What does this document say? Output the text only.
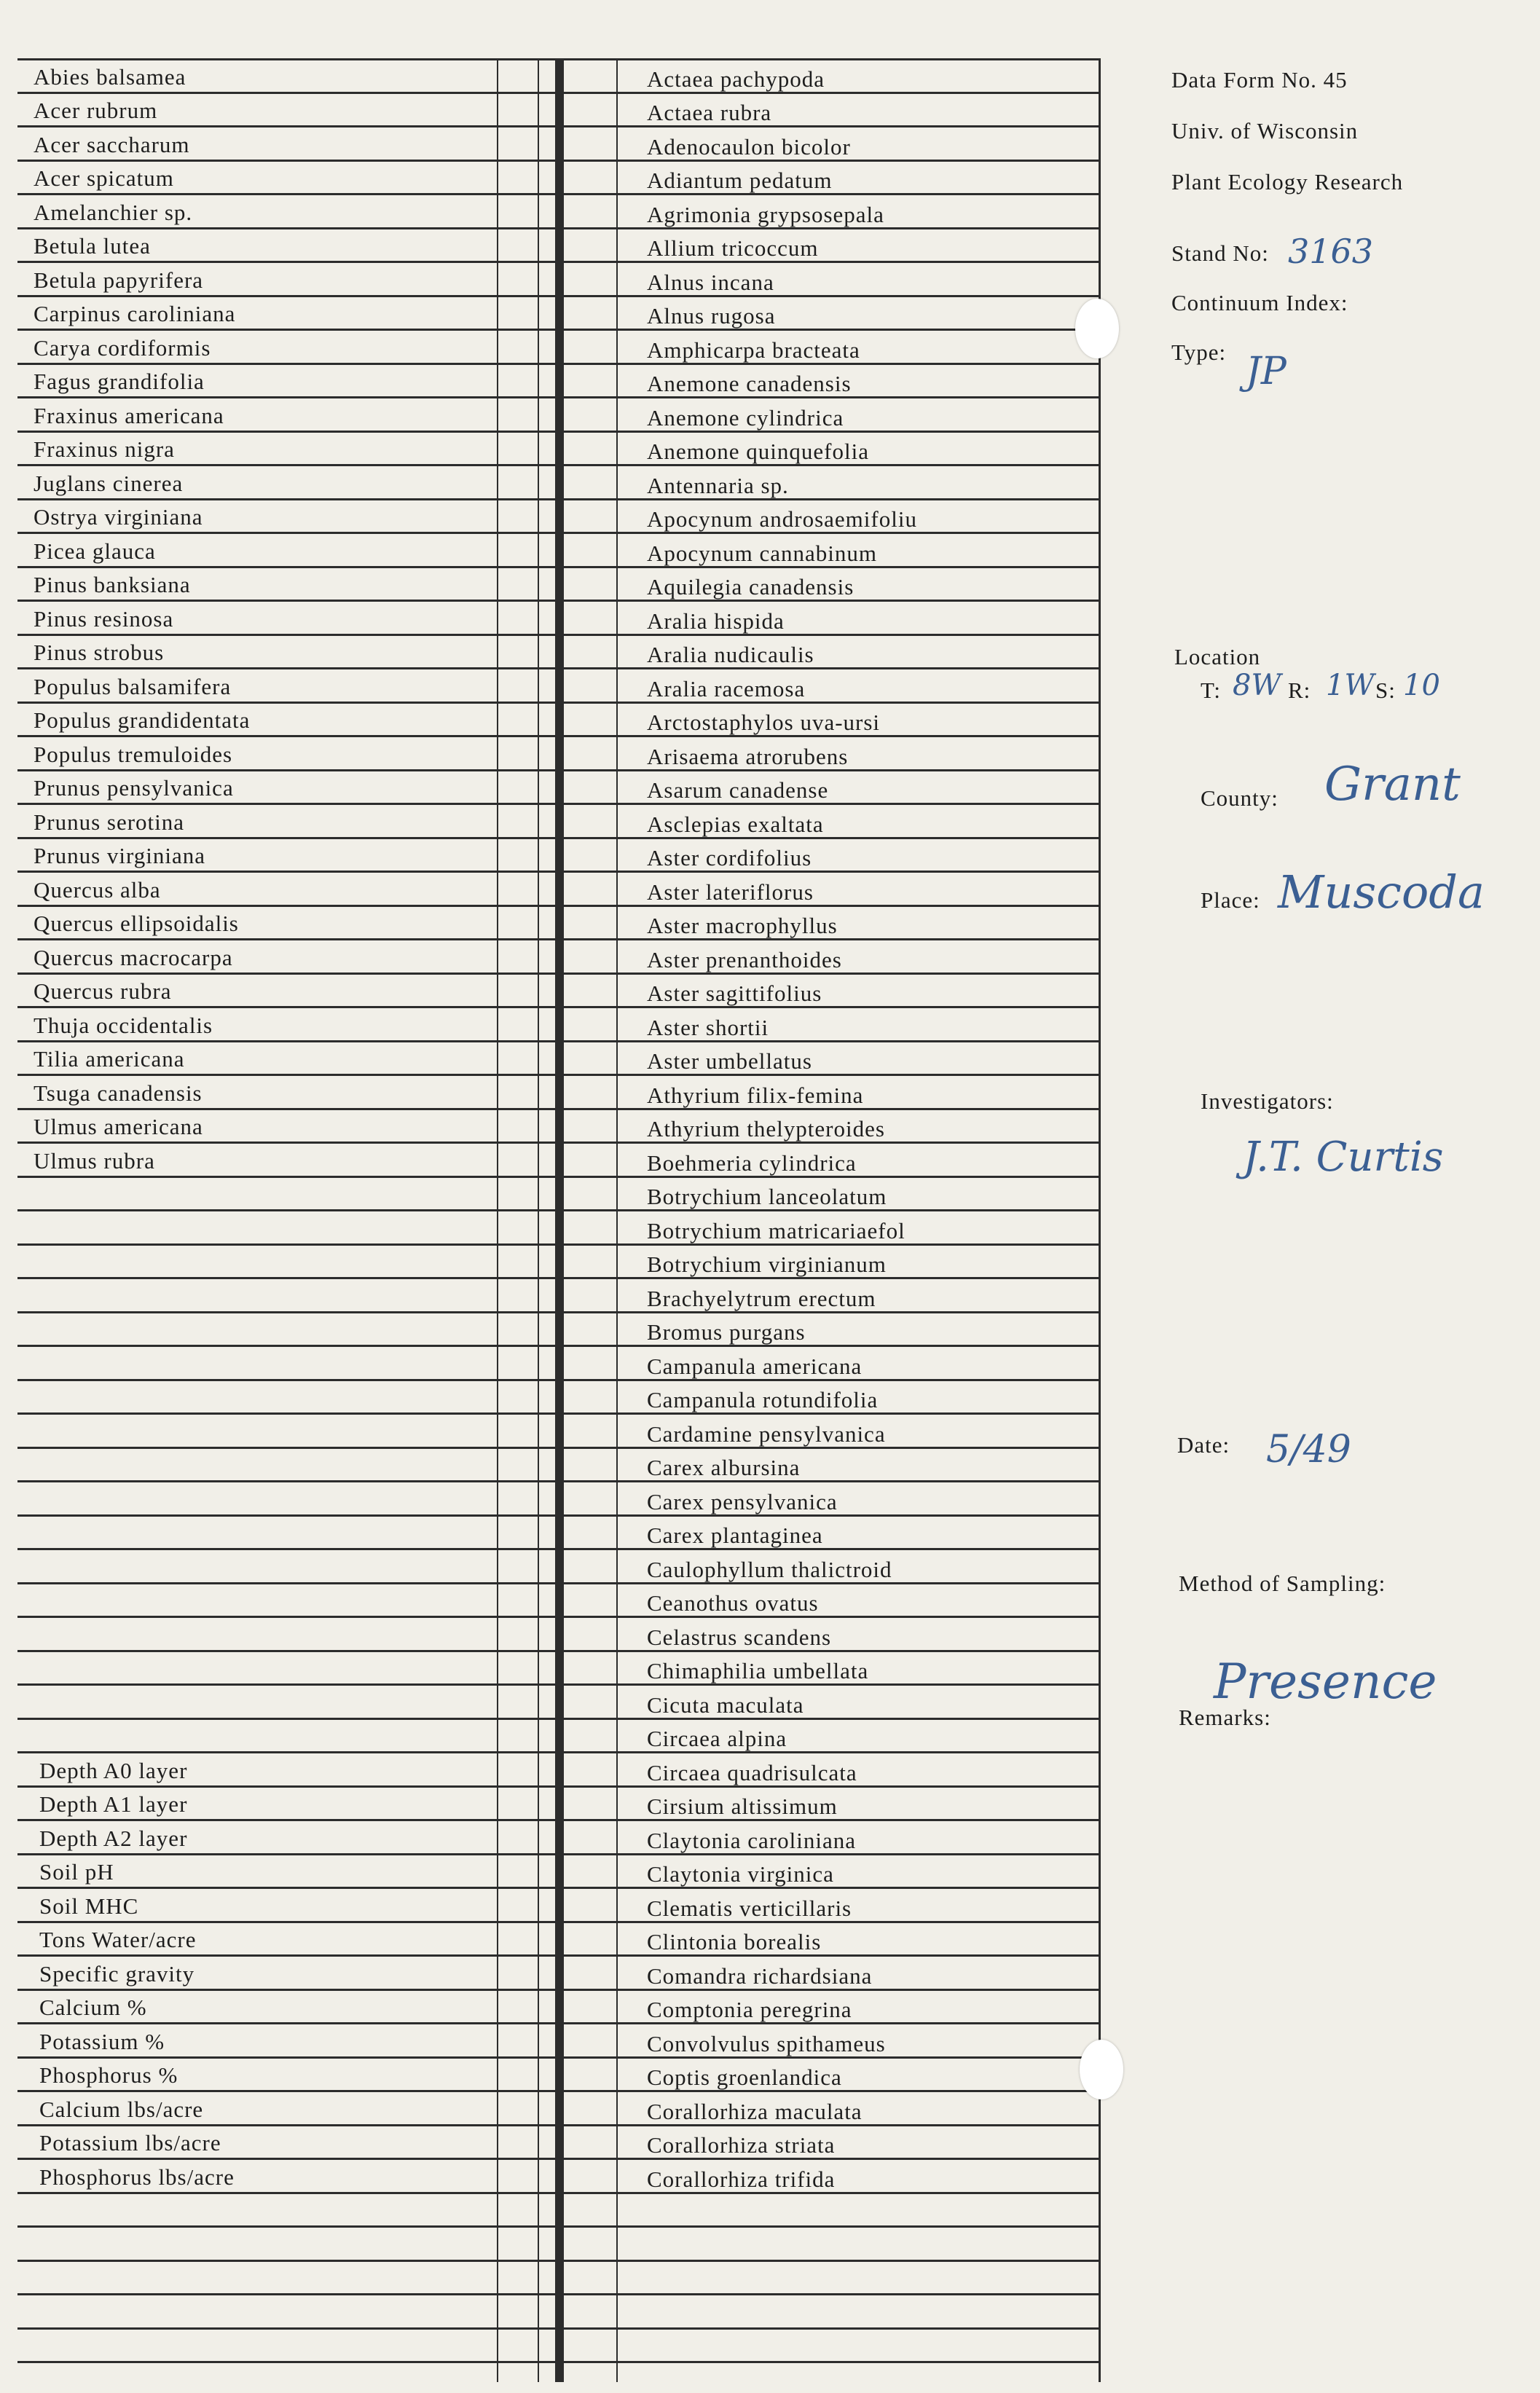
Abies balsamea
Acer rubrum
Acer saccharum
Acer spicatum
Amelanchier sp.
Betula lutea
Betula papyrifera
Carpinus caroliniana
Carya cordiformis
Fagus grandifolia
Fraxinus americana
Fraxinus nigra
Juglans cinerea
Ostrya virginiana
Picea glauca
Pinus banksiana
Pinus resinosa
Pinus strobus
Populus balsamifera
Populus grandidentata
Populus tremuloides
Prunus pensylvanica
Prunus serotina
Prunus virginiana
Quercus alba
Quercus ellipsoidalis
Quercus macrocarpa
Quercus rubra
Thuja occidentalis
Tilia americana
Tsuga canadensis
Ulmus americana
Ulmus rubra
Depth A0 layer
Depth A1 layer
Depth A2 layer
Soil pH
Soil MHC
Tons Water/acre
Specific gravity
Calcium %
Potassium %
Phosphorus %
Calcium lbs/acre
Potassium lbs/acre
Phosphorus lbs/acre
Actaea pachypoda
Actaea rubra
Adenocaulon bicolor
Adiantum pedatum
Agrimonia grypsosepala
Allium tricoccum
Alnus incana
Alnus rugosa
Amphicarpa bracteata
Anemone canadensis
Anemone cylindrica
Anemone quinquefolia
Antennaria sp.
Apocynum androsaemifoliu
Apocynum cannabinum
Aquilegia canadensis
Aralia hispida
Aralia nudicaulis
Aralia racemosa
Arctostaphylos uva-ursi
Arisaema atrorubens
Asarum canadense
Asclepias exaltata
Aster cordifolius
Aster lateriflorus
Aster macrophyllus
Aster prenanthoides
Aster sagittifolius
Aster shortii
Aster umbellatus
Athyrium filix-femina
Athyrium thelypteroides
Boehmeria cylindrica
Botrychium lanceolatum
Botrychium matricariaefol
Botrychium virginianum
Brachyelytrum erectum
Bromus purgans
Campanula americana
Campanula rotundifolia
Cardamine pensylvanica
Carex albursina
Carex pensylvanica
Carex plantaginea
Caulophyllum thalictroid
Ceanothus ovatus
Celastrus scandens
Chimaphilia umbellata
Cicuta maculata
Circaea alpina
Circaea quadrisulcata
Cirsium altissimum
Claytonia caroliniana
Claytonia virginica
Clematis verticillaris
Clintonia borealis
Comandra richardsiana
Comptonia peregrina
Convolvulus spithameus
Coptis groenlandica
Corallorhiza maculata
Corallorhiza striata
Corallorhiza trifida
Data Form No. 45
Univ. of Wisconsin
Plant Ecology Research
Stand No: 3163
Continuum Index:
Type: JP
Location
T: 8W R: 1W S: 10
County: Grant
Place: Muscoda
Investigators:
J.T. Curtis
Date: 5/49
Method of Sampling:
Presence
Remarks:
